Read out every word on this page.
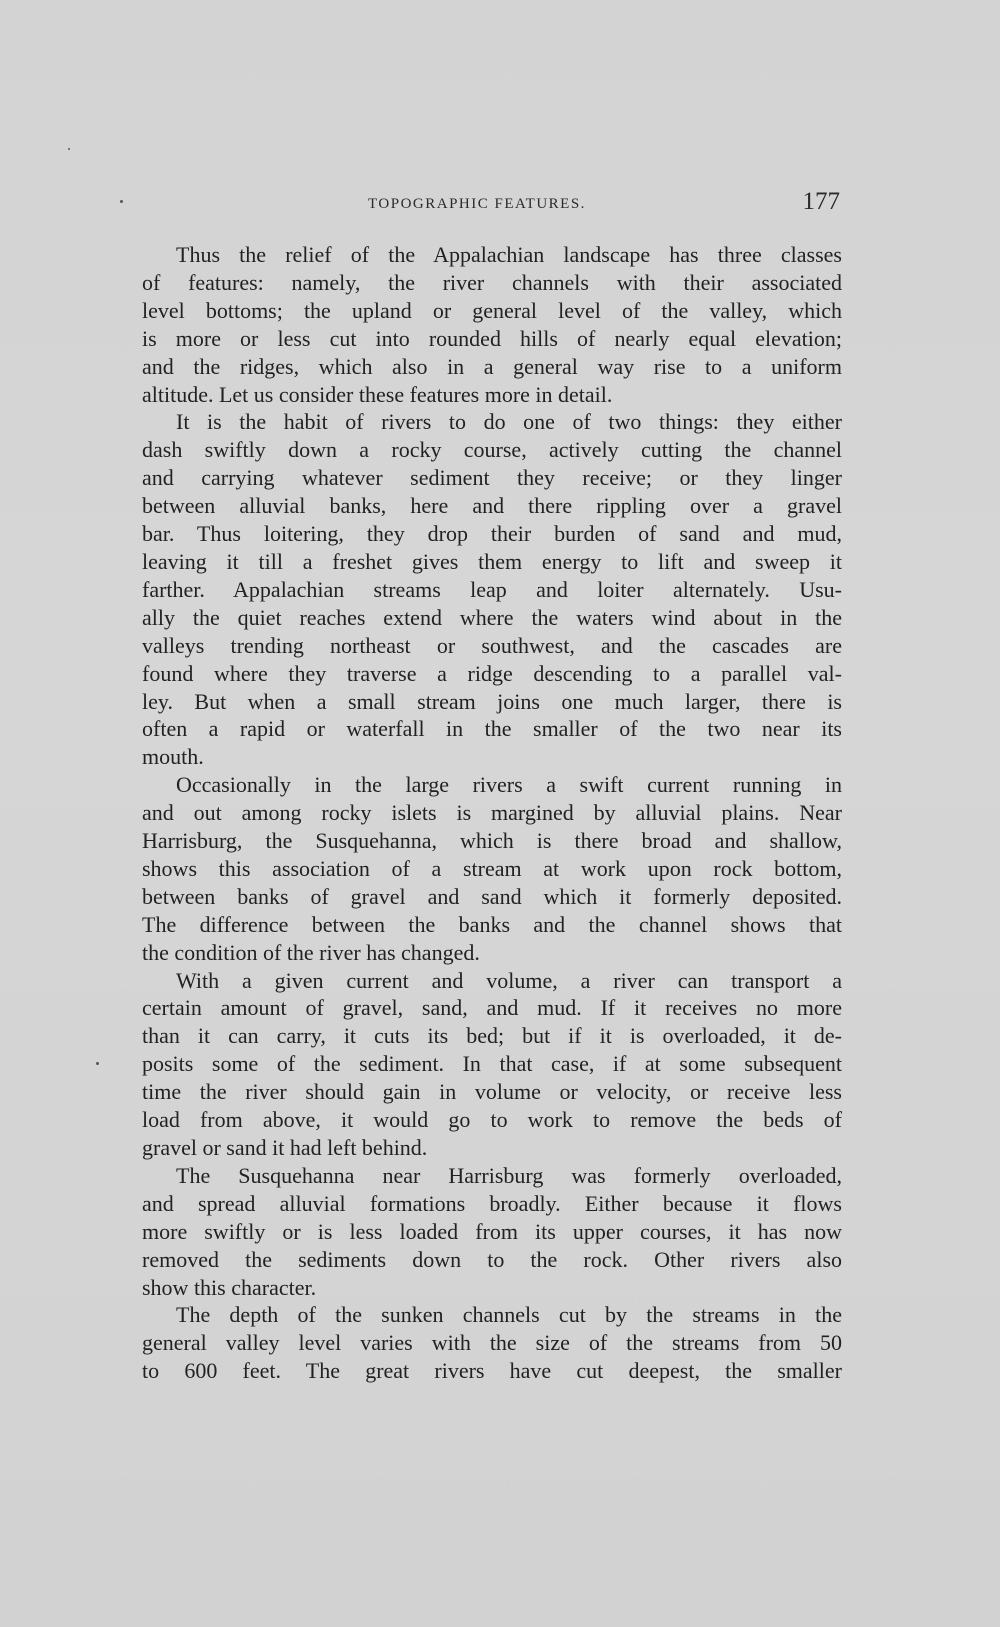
TOPOGRAPHIC FEATURES.	177
Thus the relief of the Appalachian landscape has three classes
of features: namely, the river channels with their associated
level bottoms; the upland or general level of the valley, which
is more or less cut into rounded hills of nearly equal elevation;
and the ridges, which also in a general way rise to a uniform
altitude. Let us consider these features more in detail.
It is the habit of rivers to do one of two things: they either
dash swiftly down a rocky course, actively cutting the channel
and carrying whatever sediment they receive; or they linger
between alluvial banks, here and there rippling over a gravel
bar. Thus loitering, they drop their burden of sand and mud,
leaving it till a freshet gives them energy to lift and sweep it
farther. Appalachian streams leap and loiter alternately. Usu-
ally the quiet reaches extend where the waters wind about in the
valleys trending northeast or southwest, and the cascades are
found where they traverse a ridge descending to a parallel val-
ley. But when a small stream joins one much larger, there is
often a rapid or waterfall in the smaller of the two near its
mouth.
Occasionally in the large rivers a swift current running in
and out among rocky islets is margined by alluvial plains. Near
Harrisburg, the Susquehanna, which is there broad and shallow,
shows this association of a stream at work upon rock bottom,
between banks of gravel and sand which it formerly deposited.
The difference between the banks and the channel shows that
the condition of the river has changed.
With a given current and volume, a river can transport a
certain amount of gravel, sand, and mud. If it receives no more
than it can carry, it cuts its bed; but if it is overloaded, it de-
posits some of the sediment. In that case, if at some subsequent
time the river should gain in volume or velocity, or receive less
load from above, it would go to work to remove the beds of
gravel or sand it had left behind.
The Susquehanna near Harrisburg was formerly overloaded,
and spread alluvial formations broadly. Either because it flows
more swiftly or is less loaded from its upper courses, it has now
removed the sediments down to the rock. Other rivers also
show this character.
The depth of the sunken channels cut by the streams in the
general valley level varies with the size of the streams from 50
to 600 feet. The great rivers have cut deepest, the smaller
